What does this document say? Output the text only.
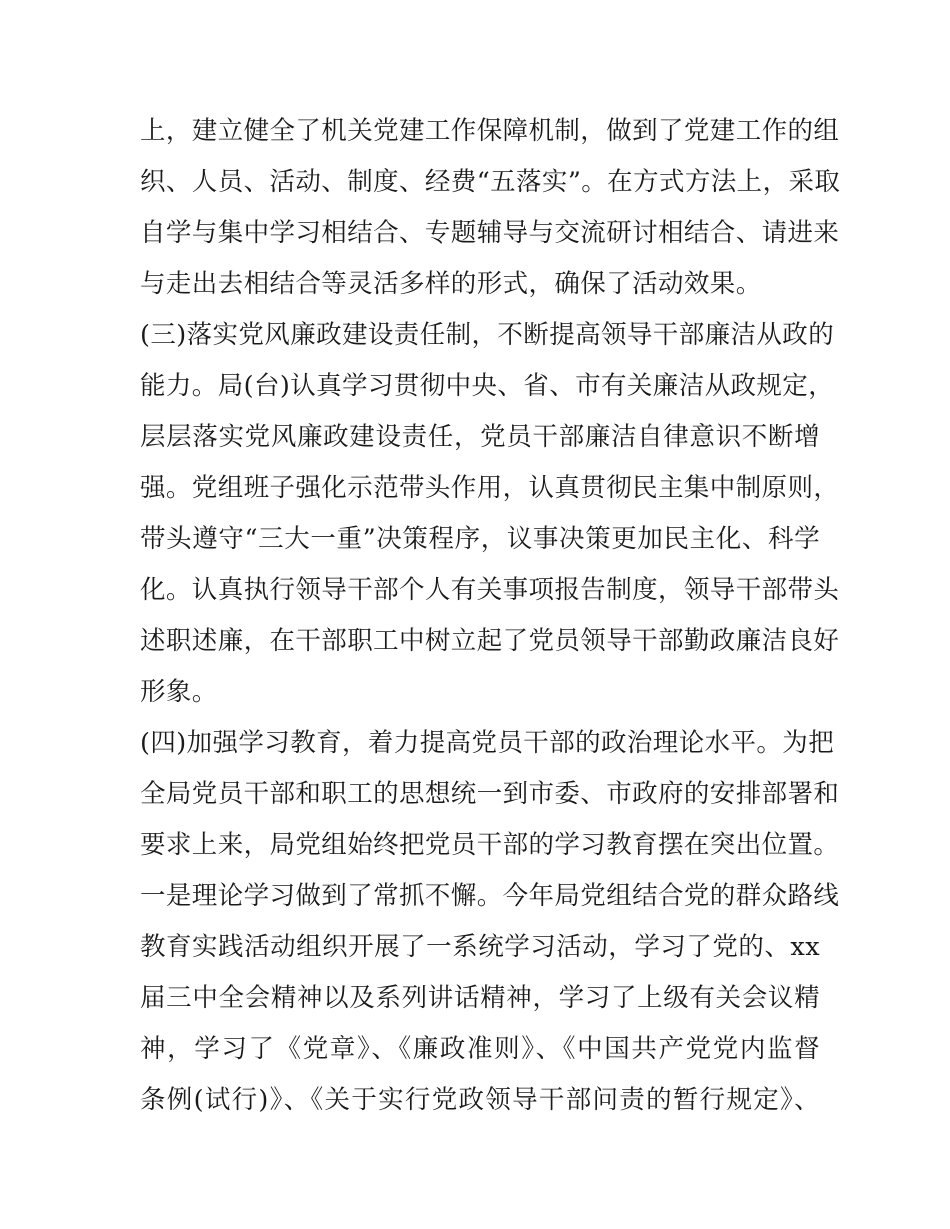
上，建立健全了机关党建工作保障机制，做到了党建工作的组
织、人员、活动、制度、经费“五落实”。在方式方法上，采取
自学与集中学习相结合、专题辅导与交流研讨相结合、请进来
与走出去相结合等灵活多样的形式，确保了活动效果。
(三)落实党风廉政建设责任制，不断提高领导干部廉洁从政的
能力。局(台)认真学习贯彻中央、省、市有关廉洁从政规定，
层层落实党风廉政建设责任，党员干部廉洁自律意识不断增
强。党组班子强化示范带头作用，认真贯彻民主集中制原则，
带头遵守“三大一重”决策程序，议事决策更加民主化、科学
化。认真执行领导干部个人有关事项报告制度，领导干部带头
述职述廉，在干部职工中树立起了党员领导干部勤政廉洁良好
形象。
(四)加强学习教育，着力提高党员干部的政治理论水平。为把
全局党员干部和职工的思想统一到市委、市政府的安排部署和
要求上来，局党组始终把党员干部的学习教育摆在突出位置。
一是理论学习做到了常抓不懈。今年局党组结合党的群众路线
教育实践活动组织开展了一系统学习活动，学习了党的、xx
届三中全会精神以及系列讲话精神，学习了上级有关会议精
神，学习了《党章》、《廉政准则》、《中国共产党党内监督
条例(试行)》、《关于实行党政领导干部问责的暂行规定》、
